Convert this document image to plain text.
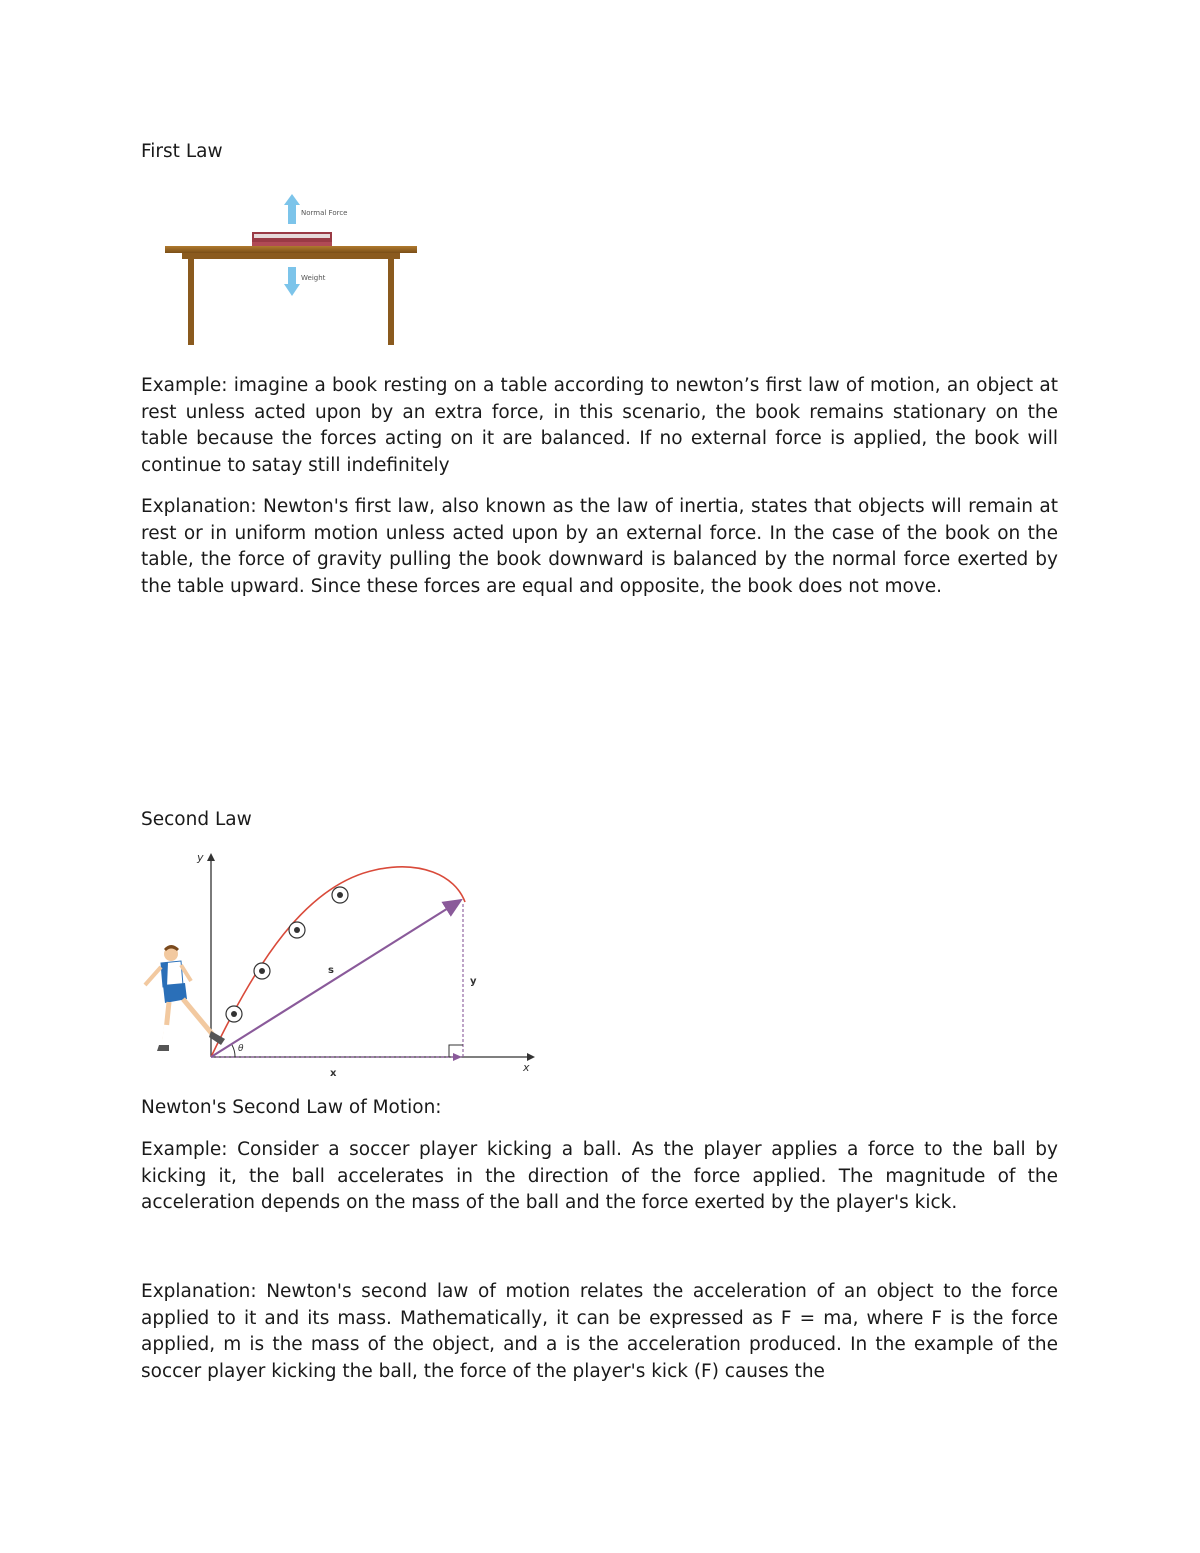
First Law
Normal Force
Weight
Example: imagine a book resting on a table according to newton’s first law of motion, an object at rest unless acted upon by an extra force, in this scenario, the book remains stationary on the table because the forces acting on it are balanced. If no external force is applied, the book will continue to satay still indefinitely
Explanation: Newton's first law, also known as the law of inertia, states that objects will remain at rest or in uniform motion unless acted upon by an external force. In the case of the book on the table, the force of gravity pulling the book downward is balanced by the normal force exerted by the table upward. Since these forces are equal and opposite, the book does not move.
Second Law
y
x
s
y
x
θ
Newton's Second Law of Motion:
Example: Consider a soccer player kicking a ball. As the player applies a force to the ball by kicking it, the ball accelerates in the direction of the force applied. The magnitude of the acceleration depends on the mass of the ball and the force exerted by the player's kick.
Explanation: Newton's second law of motion relates the acceleration of an object to the force applied to it and its mass. Mathematically, it can be expressed as F = ma, where F is the force applied, m is the mass of the object, and a is the acceleration produced. In the example of the soccer player kicking the ball, the force of the player's kick (F) causes the
